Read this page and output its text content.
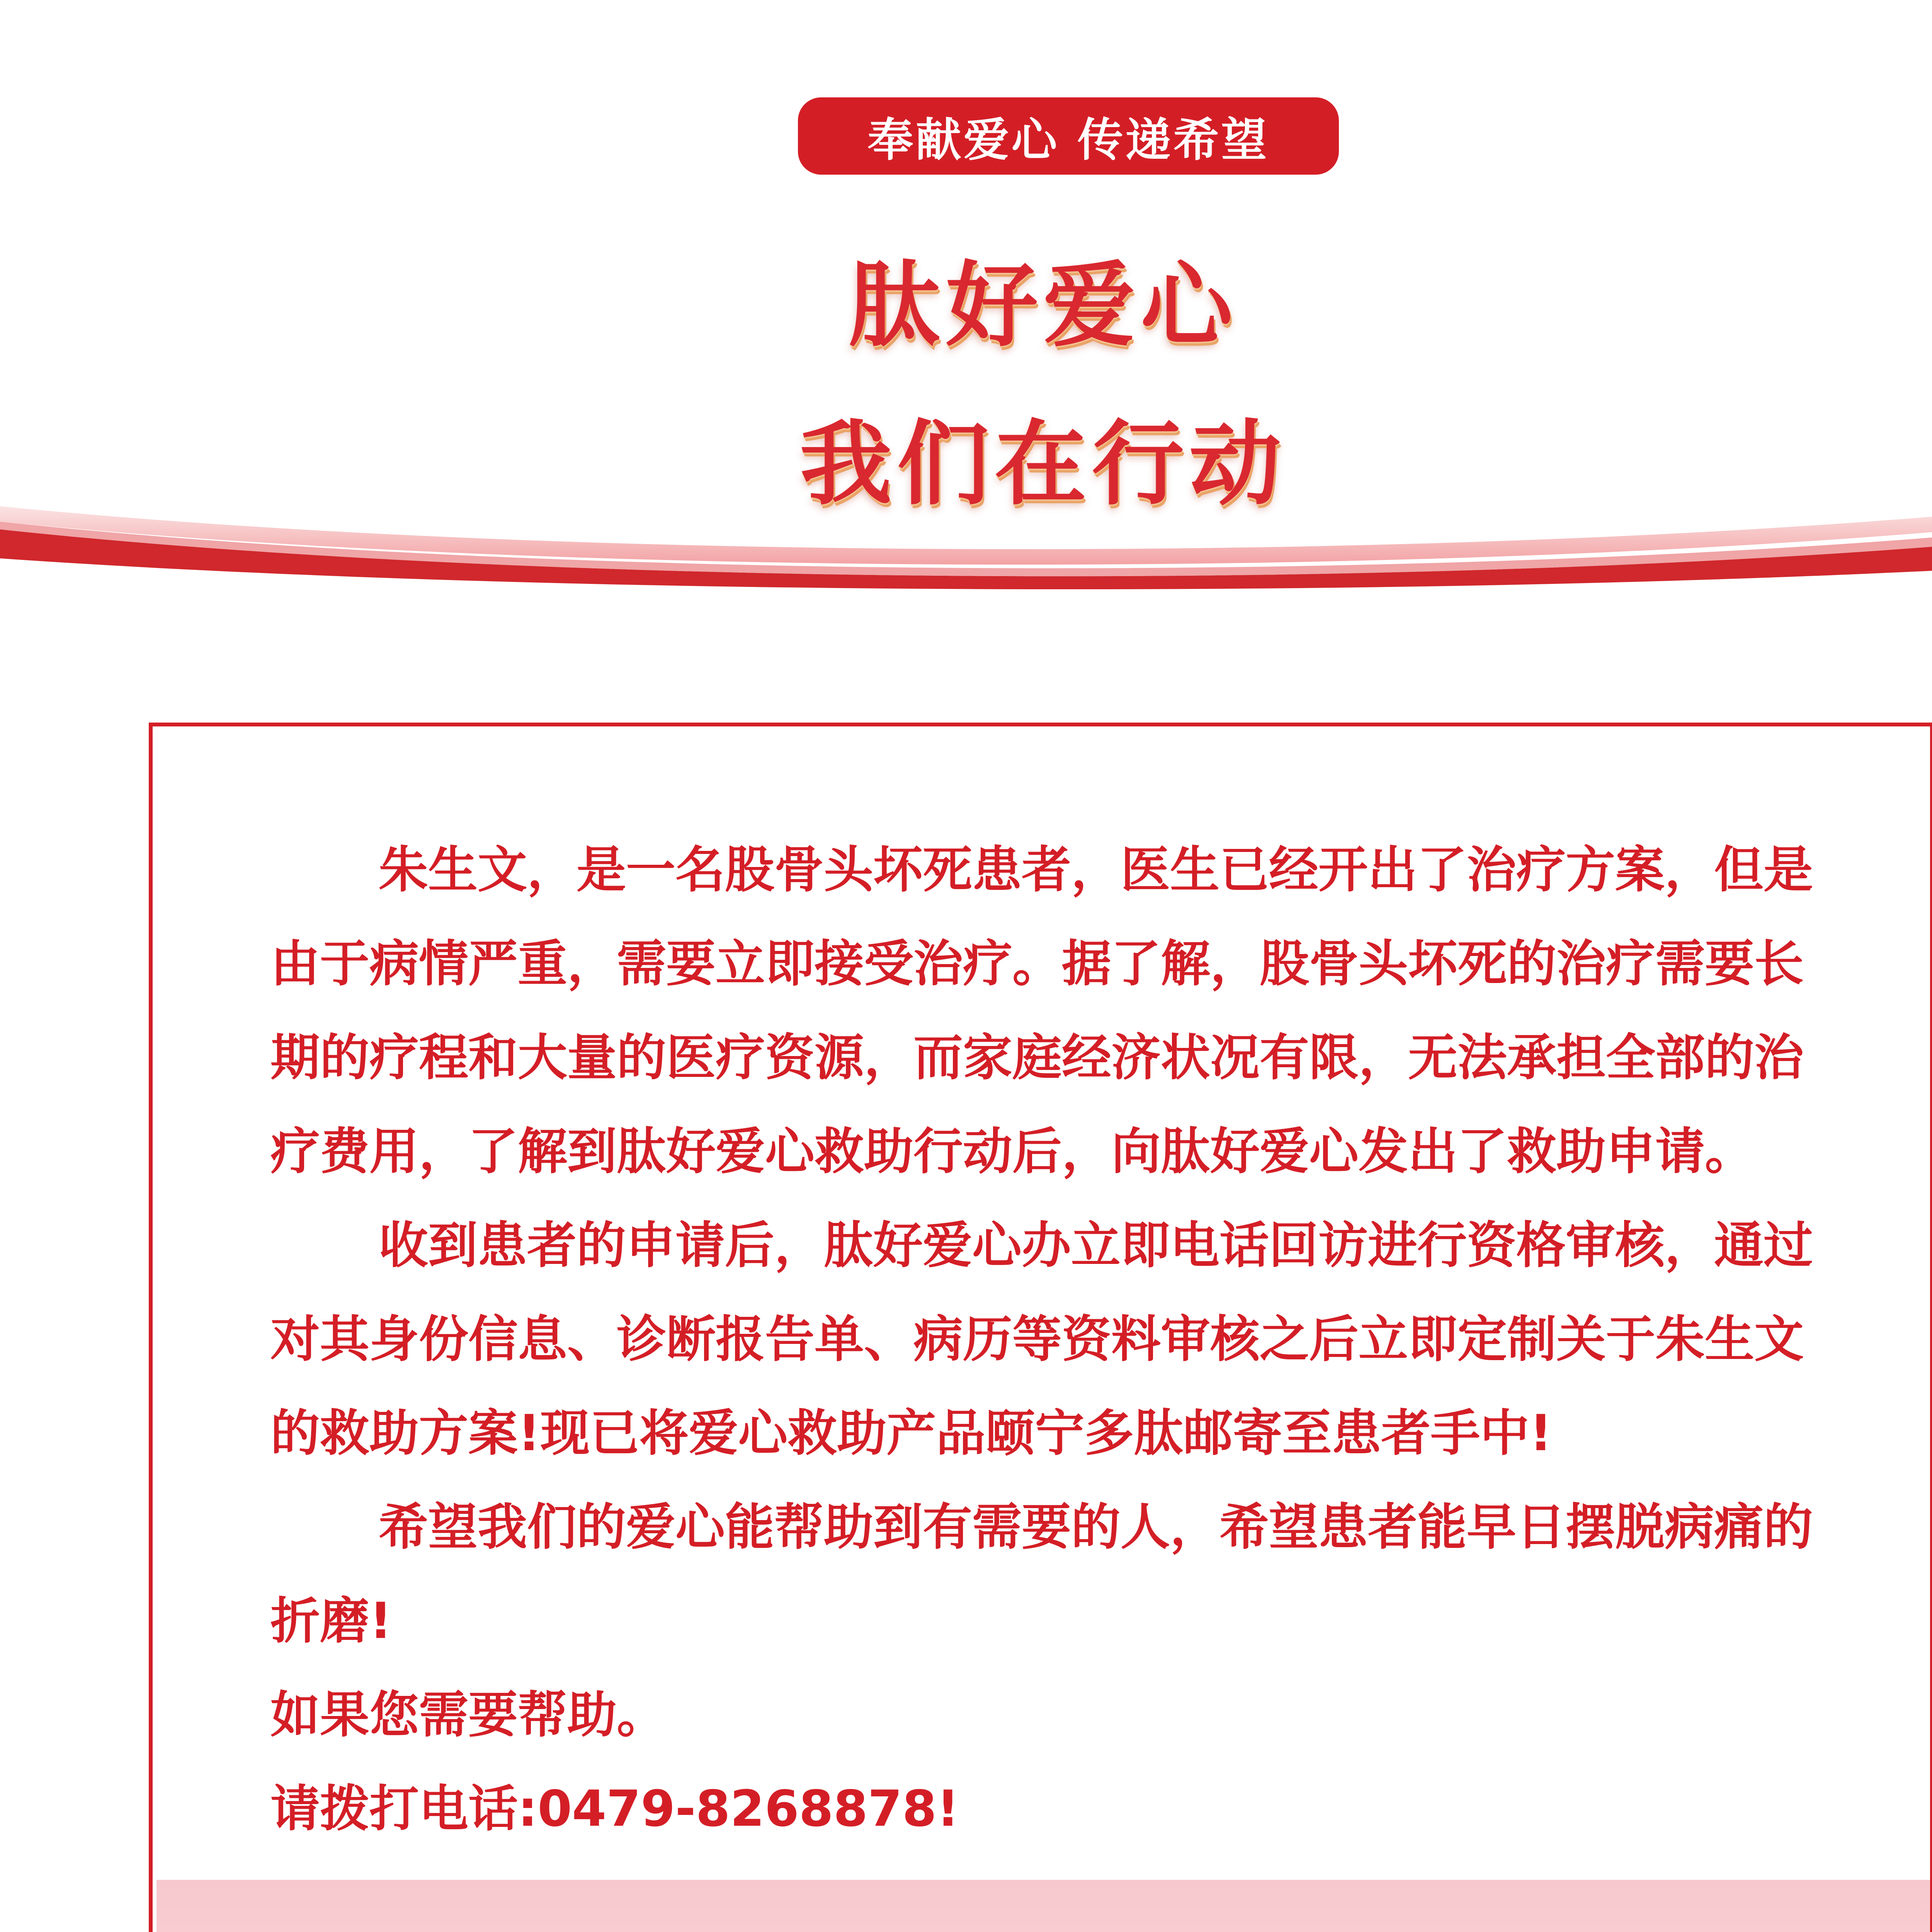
奉献爱心 传递希望
肽好爱心
我们在行动

朱生文，是一名股骨头坏死患者，医生已经开出了治疗方案，但是由于病情严重，需要立即接受治疗。据了解，股骨头坏死的治疗需要长期的疗程和大量的医疗资源，而家庭经济状况有限，无法承担全部的治疗费用，了解到肽好爱心救助行动后，向肽好爱心发出了救助申请。

收到患者的申请后，肽好爱心办立即电话回访进行资格审核，通过对其身份信息、诊断报告单、病历等资料审核之后立即定制关于朱生文的救助方案!现已将爱心救助产品颐宁多肽邮寄至患者手中!

希望我们的爱心能帮助到有需要的人，希望患者能早日摆脱病痛的折磨!

如果您需要帮助。

请拨打电话:0479-8268878!
